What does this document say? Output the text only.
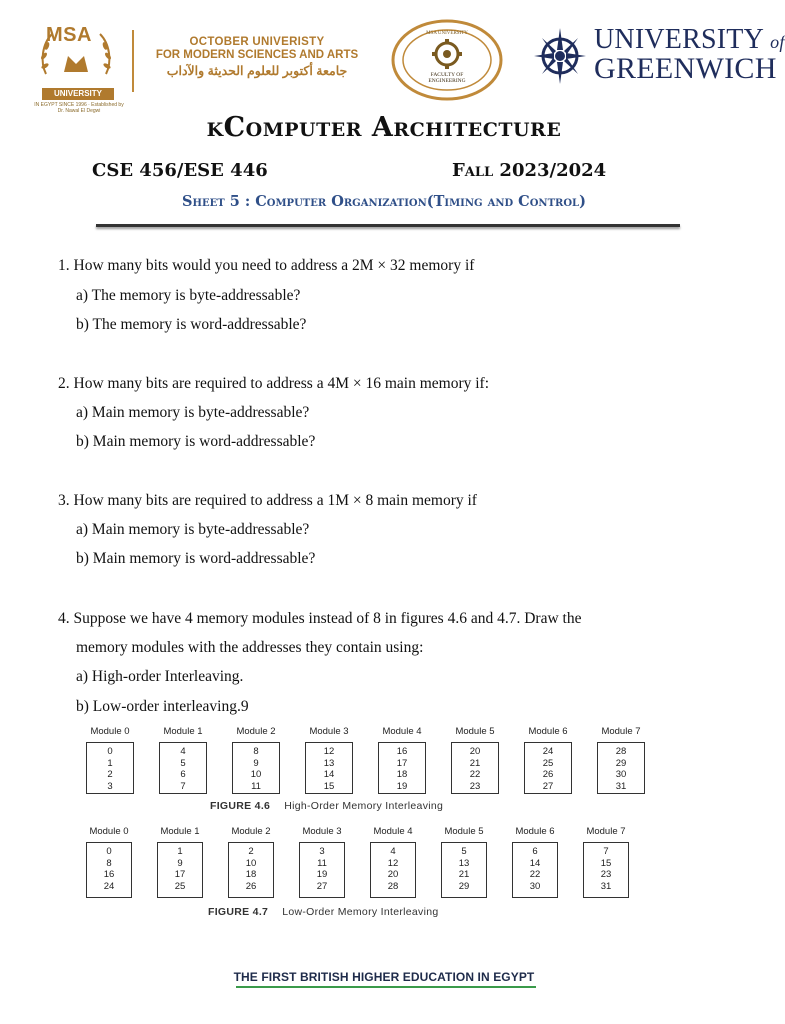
MSA
UNIVERSITY
IN EGYPT SINCE 1996 · Established by Dr. Nawal El Degwi
OCTOBER UNIVERISTY
FOR MODERN SCIENCES AND ARTS
جامعة أكتوبر للعلوم الحديثة والآداب	FACULTY OF
ENGINEERING
MSA UNIVERSITY	UNIVERSITY of
GREENWICH
kComputer Architecture
CSE 456/ESE 446	Fall 2023/2024
Sheet 5 : Computer Organization(Timing and Control)
1. How many bits would you need to address a 2M × 32 memory if
a) The memory is byte-addressable?
b) The memory is word-addressable?
2. How many bits are required to address a 4M × 16 main memory if:
a) Main memory is byte-addressable?
b) Main memory is word-addressable?
3. How many bits are required to address a 1M × 8 main memory if
a) Main memory is byte-addressable?
b) Main memory is word-addressable?
4. Suppose we have 4 memory modules instead of 8 in figures 4.6 and 4.7. Draw the
memory modules with the addresses they contain using:
a) High-order Interleaving.
b) Low-order interleaving.9
Module 0
0
1
2
3
Module 1
4
5
6
7
Module 2
8
9
10
11
Module 3
12
13
14
15
Module 4
16
17
18
19
Module 5
20
21
22
23
Module 6
24
25
26
27
Module 7
28
29
30
31
FIGURE 4.6 High-Order Memory Interleaving
Module 0
0
8
16
24
Module 1
1
9
17
25
Module 2
2
10
18
26
Module 3
3
11
19
27
Module 4
4
12
20
28
Module 5
5
13
21
29
Module 6
6
14
22
30
Module 7
7
15
23
31
FIGURE 4.7 Low-Order Memory Interleaving
THE FIRST BRITISH HIGHER EDUCATION IN EGYPT
